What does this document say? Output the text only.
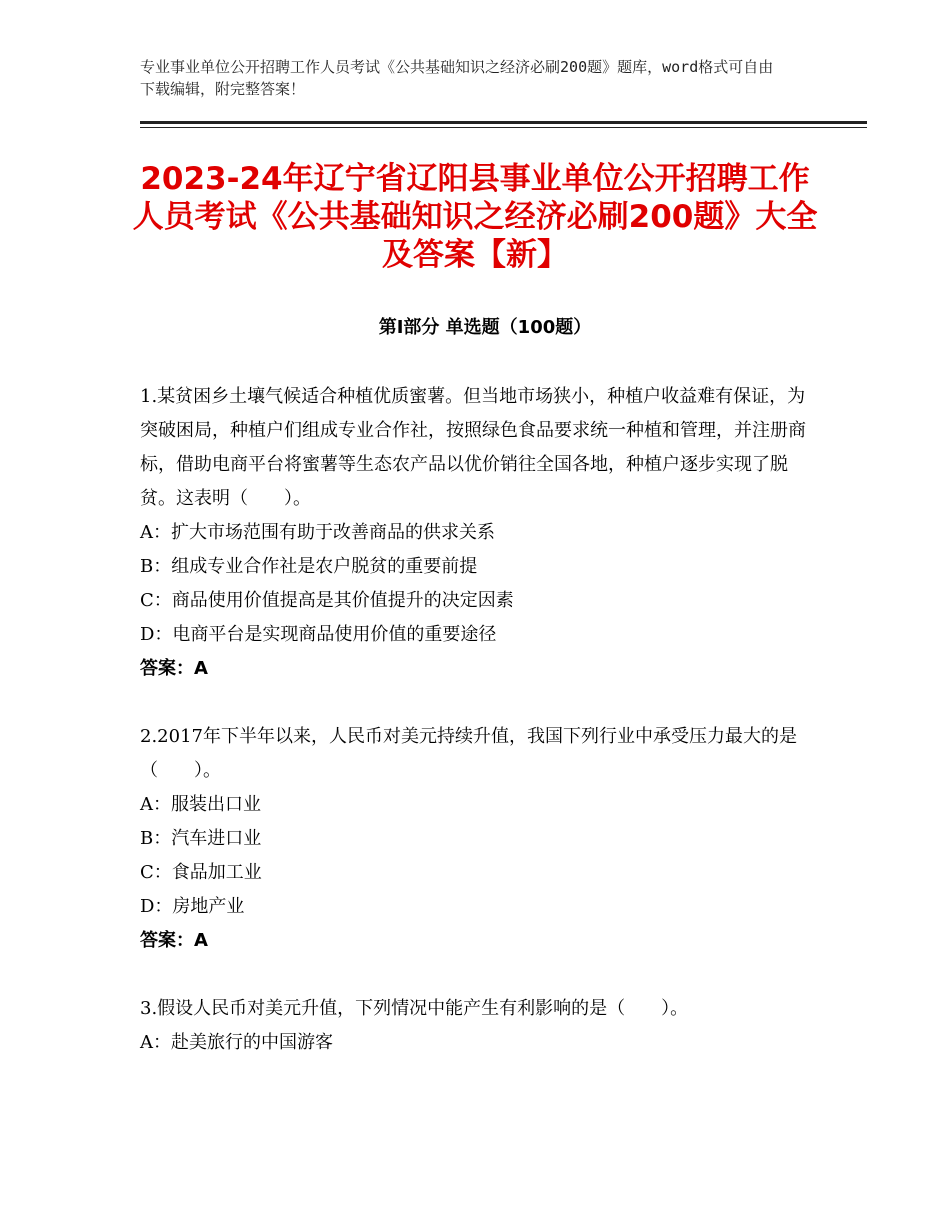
专业事业单位公开招聘工作人员考试《公共基础知识之经济必刷200题》题库，word格式可自由下载编辑，附完整答案！
2023-24年辽宁省辽阳县事业单位公开招聘工作人员考试《公共基础知识之经济必刷200题》大全及答案【新】
第Ⅰ部分 单选题（100题）
1.某贫困乡土壤气候适合种植优质蜜薯。但当地市场狭小，种植户收益难有保证，为突破困局，种植户们组成专业合作社，按照绿色食品要求统一种植和管理，并注册商标，借助电商平台将蜜薯等生态农产品以优价销往全国各地，种植户逐步实现了脱贫。这表明（　　）。
A：扩大市场范围有助于改善商品的供求关系
B：组成专业合作社是农户脱贫的重要前提
C：商品使用价值提高是其价值提升的决定因素
D：电商平台是实现商品使用价值的重要途径
答案：A
2.2017年下半年以来，人民币对美元持续升值，我国下列行业中承受压力最大的是（　　）。
A：服装出口业
B：汽车进口业
C：食品加工业
D：房地产业
答案：A
3.假设人民币对美元升值，下列情况中能产生有利影响的是（　　）。
A：赴美旅行的中国游客
